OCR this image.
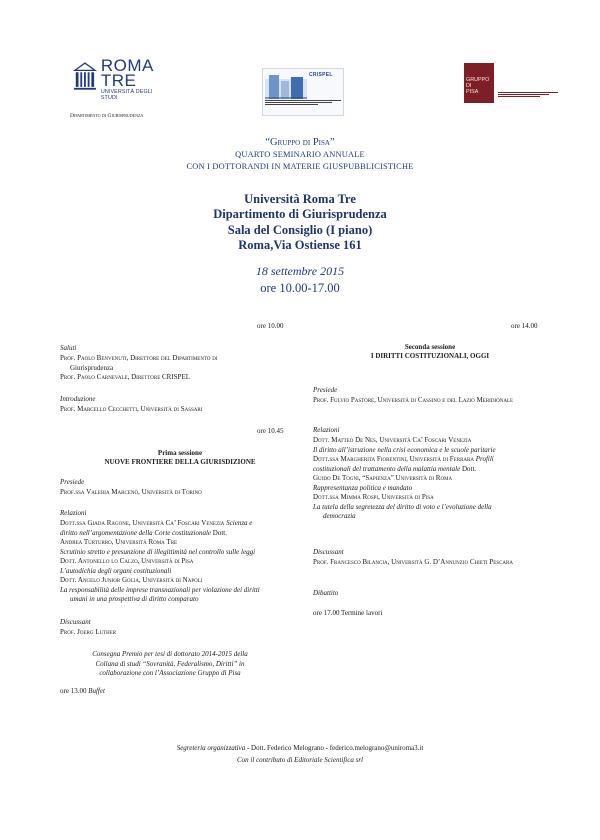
ROMA
TRE
UNIVERSITÀ DEGLI STUDI
Dipartimento di Giurisprudenza
CRISPEL
GRUPPO
DI
PISA
“Gruppo di Pisa”
QUARTO SEMINARIO ANNUALE
CON I DOTTORANDI IN MATERIE GIUSPUBBLICISTICHE
Università Roma Tre
Dipartimento di Giurisprudenza
Sala del Consiglio (I piano)
Roma,Via Ostiense 161
18 settembre 2015
ore 10.00-17.00
ore 10.00
Saluti
Prof. Paolo Benvenuti, Direttore del Dipartimento di
Giurisprudenza
Prof. Paolo Carnevale, Direttore CRISPEL
Introduzione
Prof. Marcello Cecchetti, Università di Sassari
ore 10.45
Prima sessione
NUOVE FRONTIERE DELLA GIURISDIZIONE
Presiede
Prof.ssa Valeria Marcenò, Università di Torino
Relazioni
Dott.ssa Giada Ragone, Università Ca’ Foscari Venezia Scienza e
diritto nell’argomentazione della Corte costituzionale Dott.
Andrea Turturro, Università Roma Tre
Scrutinio stretto e presunzione di illegittimità nel controllo sulle leggi
Dott. Antonello lo Calzo, Università di Pisa
L’autodichia degli organi costituzionali
Dott. Angelo Junior Golia, Università di Napoli
La responsabilità delle imprese transnazionali per violazione dei diritti
umani in una prospettiva di diritto comparato
Discussant
Prof. Joerg Luther
Consegna Premio per tesi di dottorato 2014-2015 della
Collana di studi “Sovranità, Federalismo, Diritti” in
collaborazione con l’Associazione Gruppo di Pisa
ore 13.00 Buffet
ore 14.00
Seconda sessione
I DIRITTI COSTITUZIONALI, OGGI
Presiede
Prof. Fulvio Pastore, Università di Cassino e del Lazio Meridionale
Relazioni
Dott. Matteo De Nes, Università Ca’ Foscari Venezia
Il diritto all’istruzione nella crisi economica e le scuole paritarie
Dott.ssa Margherita Fiorentini, Università di Ferrara Profili
costituzionali del trattamento della malattia mentale Dott.
Guido De Togni, “Sapienza” Università di Roma
Rappresentanza politica e mandato
Dott.ssa Mimma Rospi, Università di Pisa
La tutela della segretezza del diritto di voto e l’evoluzione della
democrazia
Discussant
Prof. Francesco Bilancia, Università G. D’Annunzio Chieti Pescara
Dibattito
ore 17.00 Termine lavori
Segreteria organizzativa - Dott. Federico Melograno - federico.melograno@uniroma3.it
Con il contributo di Editoriale Scientifica srl
